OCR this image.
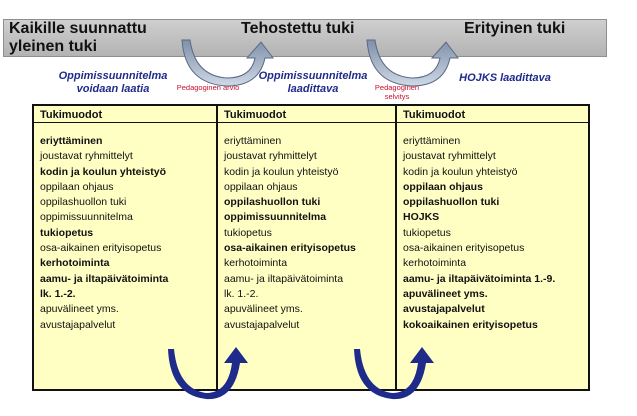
Kaikille suunnattu yleinen tuki
Tehostettu tuki	Erityinen tuki
Oppimissuunnitelma voidaan laatia
Oppimissuunnitelma laadittava
HOJKS laadittava
Pedagoginen arvio	Pedagoginen selvitys
Tukimuodot
eriyttäminen
joustavat ryhmittelyt
kodin ja koulun yhteistyö
oppilaan ohjaus
oppilashuollon tuki
oppimissuunnitelma
tukiopetus
osa-aikainen erityisopetus
kerhotoiminta
aamu- ja iltapäivätoiminta
lk. 1.-2.
apuvälineet yms.
avustajapalvelut
Tukimuodot
eriyttäminen
joustavat ryhmittelyt
kodin ja koulun yhteistyö
oppilaan ohjaus
oppilashuollon tuki
oppimissuunnitelma
tukiopetus
osa-aikainen erityisopetus
kerhotoiminta
aamu- ja iltapäivätoiminta
lk. 1.-2.
apuvälineet yms.
avustajapalvelut
Tukimuodot
eriyttäminen
joustavat ryhmittelyt
kodin ja koulun yhteistyö
oppilaan ohjaus
oppilashuollon tuki
HOJKS
tukiopetus
osa-aikainen erityisopetus
kerhotoiminta
aamu- ja iltapäivätoiminta 1.-9.
apuvälineet yms.
avustajapalvelut
kokoaikainen erityisopetus
